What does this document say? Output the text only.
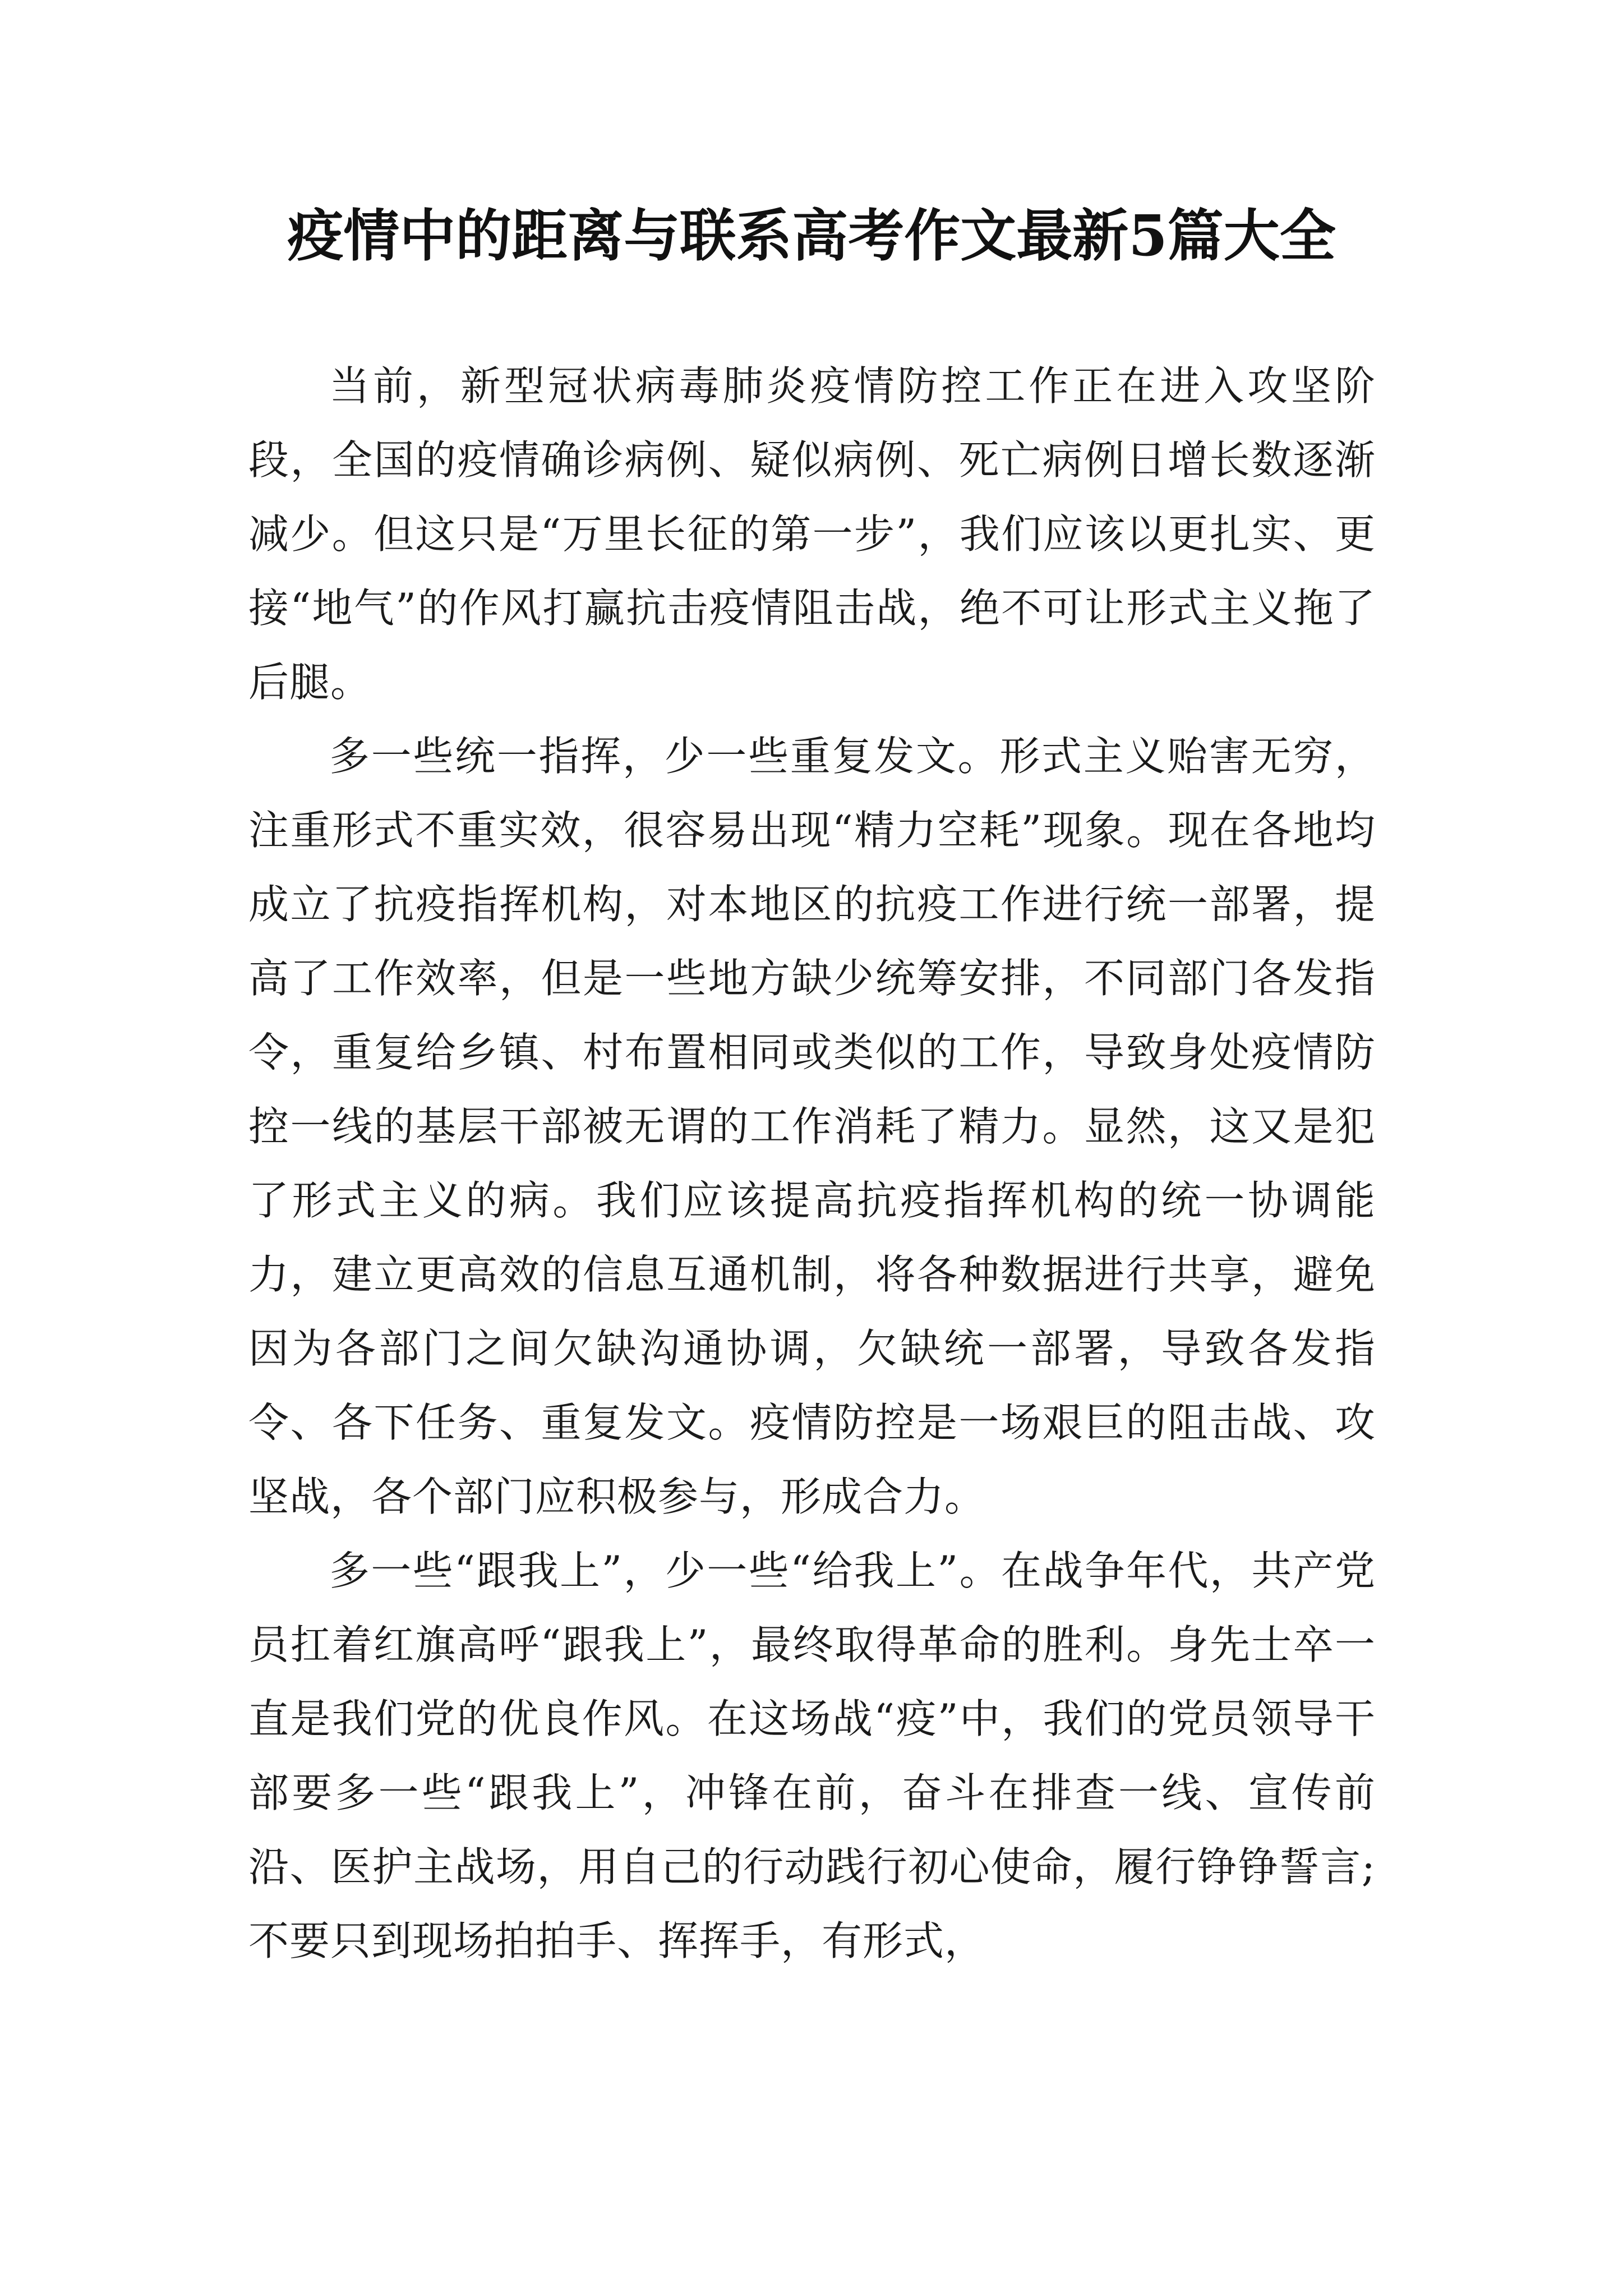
疫情中的距离与联系高考作文最新5篇大全

当前，新型冠状病毒肺炎疫情防控工作正在进入攻坚阶段，全国的疫情确诊病例、疑似病例、死亡病例日增长数逐渐减少。但这只是“万里长征的第一步”，我们应该以更扎实、更接“地气”的作风打赢抗击疫情阻击战，绝不可让形式主义拖了后腿。

多一些统一指挥，少一些重复发文。形式主义贻害无穷，注重形式不重实效，很容易出现“精力空耗”现象。现在各地均成立了抗疫指挥机构，对本地区的抗疫工作进行统一部署，提高了工作效率，但是一些地方缺少统筹安排，不同部门各发指令，重复给乡镇、村布置相同或类似的工作，导致身处疫情防控一线的基层干部被无谓的工作消耗了精力。显然，这又是犯了形式主义的病。我们应该提高抗疫指挥机构的统一协调能力，建立更高效的信息互通机制，将各种数据进行共享，避免因为各部门之间欠缺沟通协调，欠缺统一部署，导致各发指令、各下任务、重复发文。疫情防控是一场艰巨的阻击战、攻坚战，各个部门应积极参与，形成合力。

多一些“跟我上”，少一些“给我上”。在战争年代，共产党员扛着红旗高呼“跟我上”，最终取得革命的胜利。身先士卒一直是我们党的优良作风。在这场战“疫”中，我们的党员领导干部要多一些“跟我上”，冲锋在前，奋斗在排查一线、宣传前沿、医护主战场，用自己的行动践行初心使命，履行铮铮誓言;不要只到现场拍拍手、挥挥手，有形式，
